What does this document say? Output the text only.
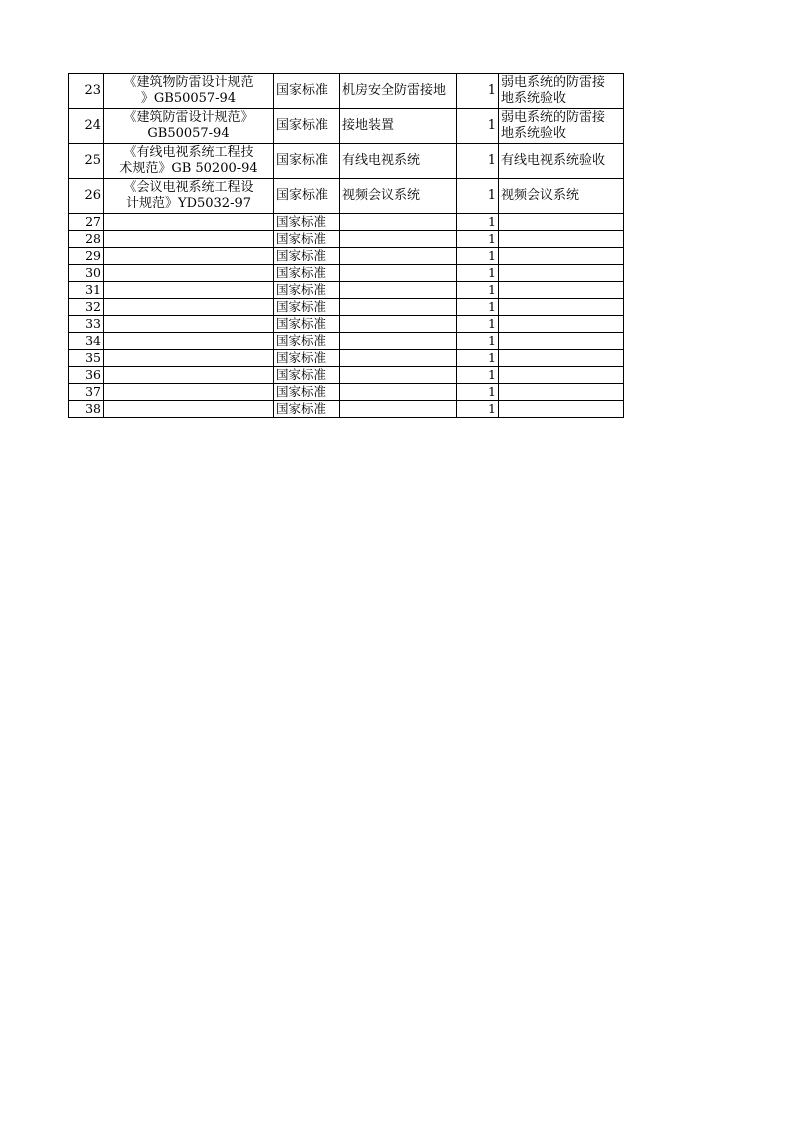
23	《建筑物防雷设计规范
》GB50057-94	国家标准	机房安全防雷接地	1	弱电系统的防雷接
地系统验收
24	《建筑防雷设计规范》
GB50057-94	国家标准	接地装置	1	弱电系统的防雷接
地系统验收
25	《有线电视系统工程技
术规范》GB 50200-94	国家标准	有线电视系统	1	有线电视系统验收
26	《会议电视系统工程设
计规范》YD5032-97	国家标准	视频会议系统	1	视频会议系统
27		国家标准		1	
28		国家标准		1	
29		国家标准		1	
30		国家标准		1	
31		国家标准		1	
32		国家标准		1	
33		国家标准		1	
34		国家标准		1	
35		国家标准		1	
36		国家标准		1	
37		国家标准		1	
38		国家标准		1	
